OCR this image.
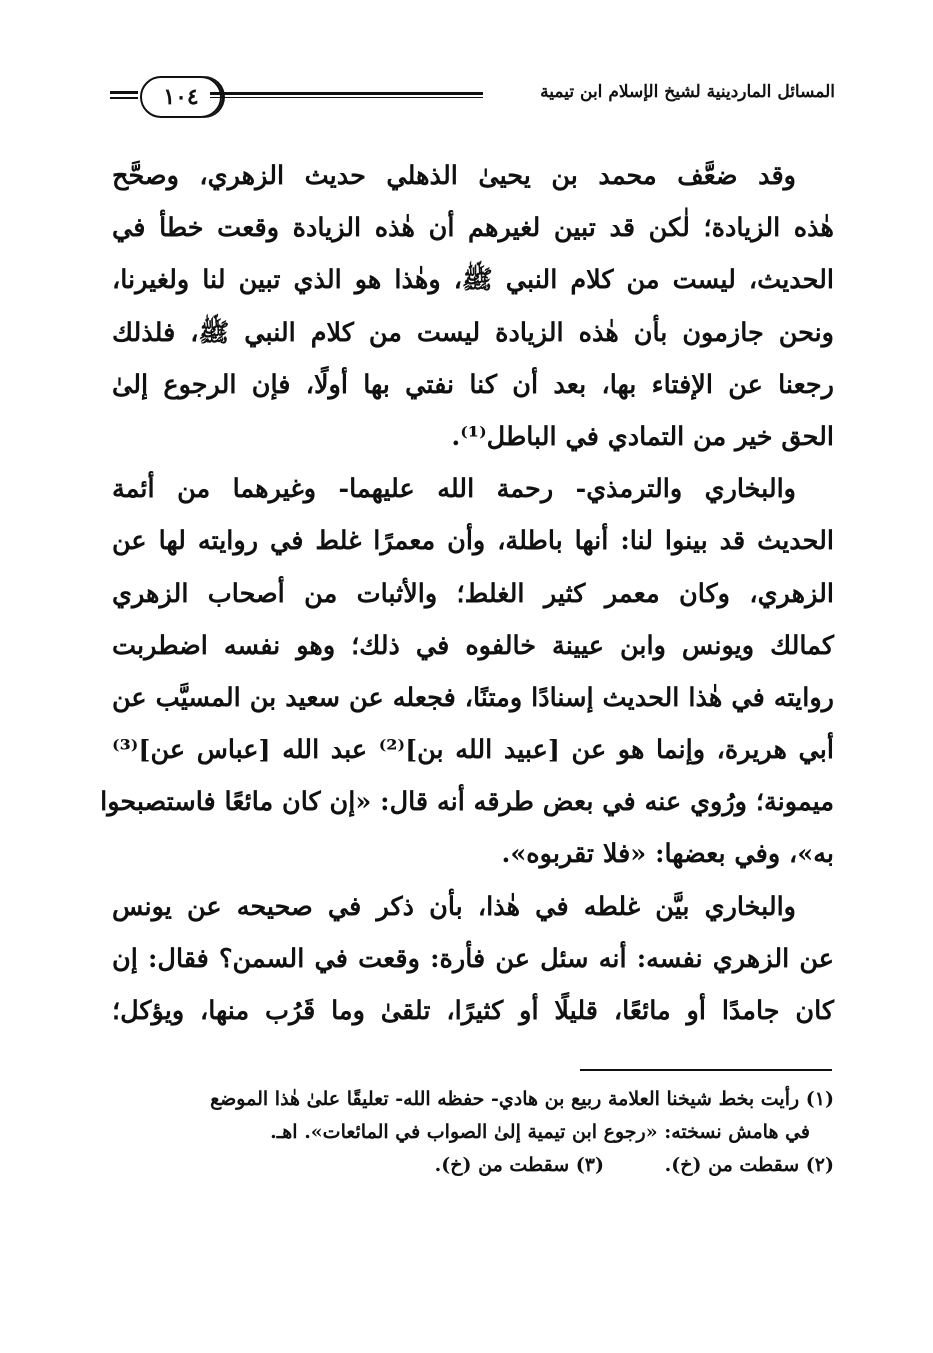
١٠٤	المسائل الماردينية لشيخ الإسلام ابن تيمية
وقد ضعَّف محمد بن يحيىٰ الذهلي حديث الزهري، وصحَّح
هٰذه الزيادة؛ لٰكن قد تبين لغيرهم أن هٰذه الزيادة وقعت خطأ في
الحديث، ليست من كلام النبي ﷺ، وهٰذا هو الذي تبين لنا ولغيرنا،
ونحن جازمون بأن هٰذه الزيادة ليست من كلام النبي ﷺ، فلذلك
رجعنا عن الإفتاء بها، بعد أن كنا نفتي بها أولًا، فإن الرجوع إلىٰ
الحق خير من التمادي في الباطل⁽¹⁾.
والبخاري والترمذي- رحمة الله عليهما- وغيرهما من أئمة
الحديث قد بينوا لنا: أنها باطلة، وأن معمرًا غلط في روايته لها عن
الزهري، وكان معمر كثير الغلط؛ والأثبات من أصحاب الزهري
كمالك ويونس وابن عيينة خالفوه في ذلك؛ وهو نفسه اضطربت
روايته في هٰذا الحديث إسنادًا ومتنًا، فجعله عن سعيد بن المسيَّب عن
أبي هريرة، وإنما هو عن [عبيد الله بن]⁽²⁾ عبد الله [عباس عن]⁽³⁾
ميمونة؛ ورُوي عنه في بعض طرقه أنه قال: «إن كان مائعًا فاستصبحوا
به»، وفي بعضها: «فلا تقربوه».
والبخاري بيَّن غلطه في هٰذا، بأن ذكر في صحيحه عن يونس
عن الزهري نفسه: أنه سئل عن فأرة: وقعت في السمن؟ فقال: إن
كان جامدًا أو مائعًا، قليلًا أو كثيرًا، تلقىٰ وما قَرُب منها، ويؤكل؛
(١) رأيت بخط شيخنا العلامة ربيع بن هادي- حفظه الله- تعليقًا علىٰ هٰذا الموضع
في هامش نسخته: «رجوع ابن تيمية إلىٰ الصواب في المائعات». اهـ.
(٢) سقطت من (خ).
(٣) سقطت من (خ).
